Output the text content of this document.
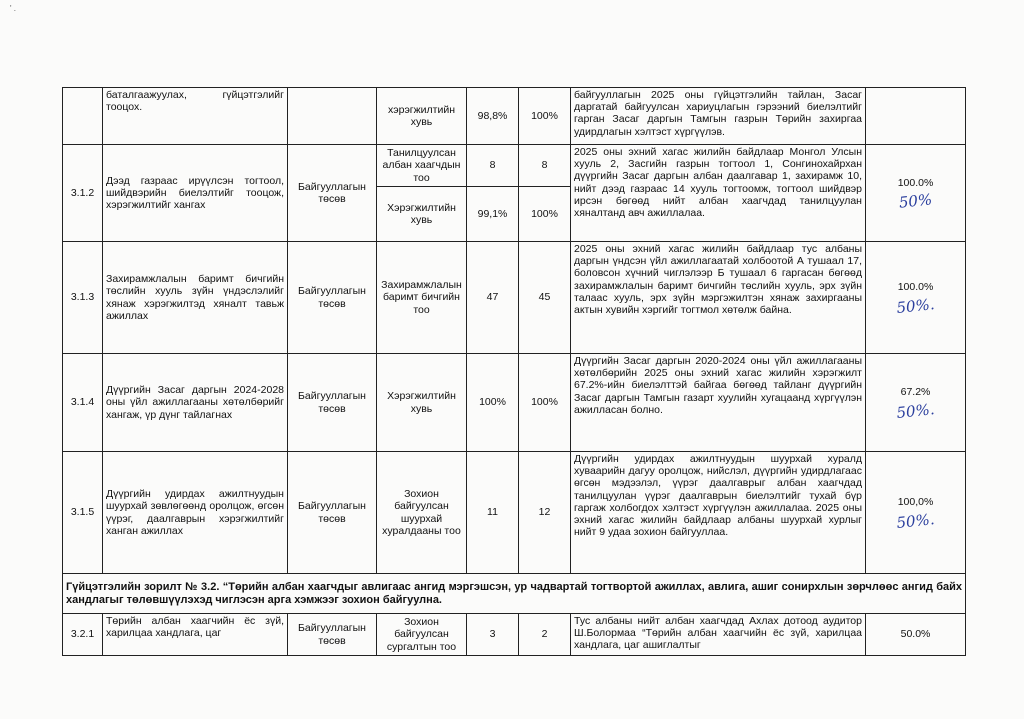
' .
	баталгаажуулах, гүйцэтгэлийг тооцох.		хэрэгжилтийн хувь	98,8%	100%	байгууллагын 2025 оны гүйцэтгэлийн тайлан, Засаг даргатай байгуулсан хариуцлагын гэрээний биелэлтийг гарган Засаг даргын Тамгын газрын Төрийн захиргаа удирдлагын хэлтэст хүргүүлэв.	
3.1.2	Дээд газраас ирүүлсэн тогтоол, шийдвэрийн биелэлтийг тооцож, хэрэгжилтийг хангах	Байгууллагын төсөв	Танилцуулсан албан хаагчдын тоо	8	8	2025 оны эхний хагас жилийн байдлаар Монгол Улсын хууль 2, Засгийн газрын тогтоол 1, Сонгинохайрхан дүүргийн Засаг даргын албан даалгавар 1, захирамж 10, нийт дээд газраас 14 хууль тогтоомж, тогтоол шийдвэр ирсэн бөгөөд нийт албан хаагчдад танилцуулан хяналтанд авч ажиллалаа.	100.0%
50%

			Хэрэгжилтийн хувь	99,1%	100%		
3.1.3	Захирамжлалын баримт бичгийн төслийн хууль зүйн үндэслэлийг хянаж хэрэгжилтэд хяналт тавьж ажиллах	Байгууллагын төсөв	Захирамжлалын баримт бичгийн тоо	47	45	2025 оны эхний хагас жилийн байдлаар тус албаны даргын үндсэн үйл ажиллагаатай холбоотой А тушаал 17, боловсон хүчний чиглэлээр Б тушаал 6 гаргасан бөгөөд захирамжлалын баримт бичгийн төслийн хууль, эрх зүйн талаас хууль, эрх зүйн мэргэжилтэн хянаж захиргааны актын хувийн хэргийг тогтмол хөтөлж байна.	100.0%
50%.

3.1.4	Дүүргийн Засаг даргын 2024-2028 оны үйл ажиллагааны хөтөлбөрийг хангаж, үр дүнг тайлагнах	Байгууллагын төсөв	Хэрэгжилтийн хувь	100%	100%	Дүүргийн Засаг даргын 2020-2024 оны үйл ажиллагааны хөтөлбөрийн 2025 оны эхний хагас жилийн хэрэгжилт 67.2%-ийн биелэлттэй байгаа бөгөөд тайланг дүүргийн Засаг даргын Тамгын газарт хуулийн хугацаанд хүргүүлэн ажилласан болно.	67.2%
50%.

3.1.5	Дүүргийн удирдах ажилтнуудын шуурхай зөвлөгөөнд оролцож, өгсөн үүрэг, даалгаврын хэрэгжилтийг ханган ажиллах	Байгууллагын төсөв	Зохион байгуулсан шуурхай хуралдааны тоо	11	12	Дүүргийн удирдах ажилтнуудын шуурхай хуралд хуваарийн дагуу оролцож, нийслэл, дүүргийн удирдлагаас өгсөн мэдээлэл, үүрэг даалгаврыг албан хаагчдад танилцуулан үүрэг даалгаврын биелэлтийг тухай бүр гаргаж холбогдох хэлтэст хүргүүлэн ажиллалаа. 2025 оны эхний хагас жилийн байдлаар албаны шуурхай хурлыг нийт 9 удаа зохион байгууллаа.	100,0%
50%.

Гүйцэтгэлийн зорилт № 3.2. “Төрийн албан хаагчдыг авлигаас ангид мэргэшсэн, ур чадвартай тогтвортой ажиллах, авлига, ашиг сонирхлын зөрчлөөс ангид байх хандлагыг төлөвшүүлэхэд чиглэсэн арга хэмжээг зохион байгуулна.							
3.2.1	Төрийн албан хаагчийн ёс зүй, харилцаа хандлага, цаг	Байгууллагын төсөв	Зохион байгуулсан сургалтын тоо	3	2	Тус албаны нийт албан хаагчдад Ахлах дотоод аудитор Ш.Болормаа “Төрийн албан хаагчийн ёс зүй, харилцаа хандлага, цаг ашиглалтыг	50.0%
